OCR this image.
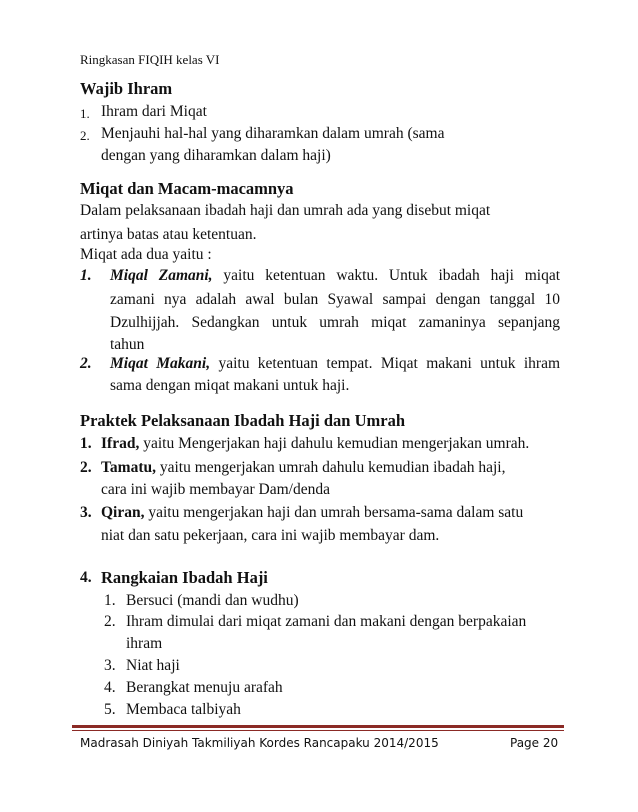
Ringkasan FIQIH kelas VI
Wajib Ihram
1. Ihram dari Miqat
2. Menjauhi hal-hal yang diharamkan dalam umrah (sama
dengan yang diharamkan dalam haji)
Miqat dan Macam-macamnya
Dalam pelaksanaan ibadah haji dan umrah ada yang disebut miqat
artinya batas atau ketentuan.
Miqat ada dua yaitu :
1. Miqal Zamani, yaitu ketentuan waktu. Untuk ibadah haji miqat
zamani nya adalah awal bulan Syawal sampai dengan tanggal 10
Dzulhijjah. Sedangkan untuk umrah miqat zamaninya sepanjang
tahun
2. Miqat Makani, yaitu ketentuan tempat. Miqat makani untuk ihram
sama dengan miqat makani untuk haji.
Praktek Pelaksanaan Ibadah Haji dan Umrah
1. Ifrad, yaitu Mengerjakan haji dahulu kemudian mengerjakan umrah.
2. Tamatu, yaitu mengerjakan umrah dahulu kemudian ibadah haji,
cara ini wajib membayar Dam/denda
3. Qiran, yaitu mengerjakan haji dan umrah bersama-sama dalam satu
niat dan satu pekerjaan, cara ini wajib membayar dam.
4. Rangkaian Ibadah Haji
1. Bersuci (mandi dan wudhu)
2. Ihram dimulai dari miqat zamani dan makani dengan berpakaian
ihram
3. Niat haji
4. Berangkat menuju arafah
5. Membaca talbiyah
Madrasah Diniyah Takmiliyah Kordes Rancapaku 2014/2015	Page 20
